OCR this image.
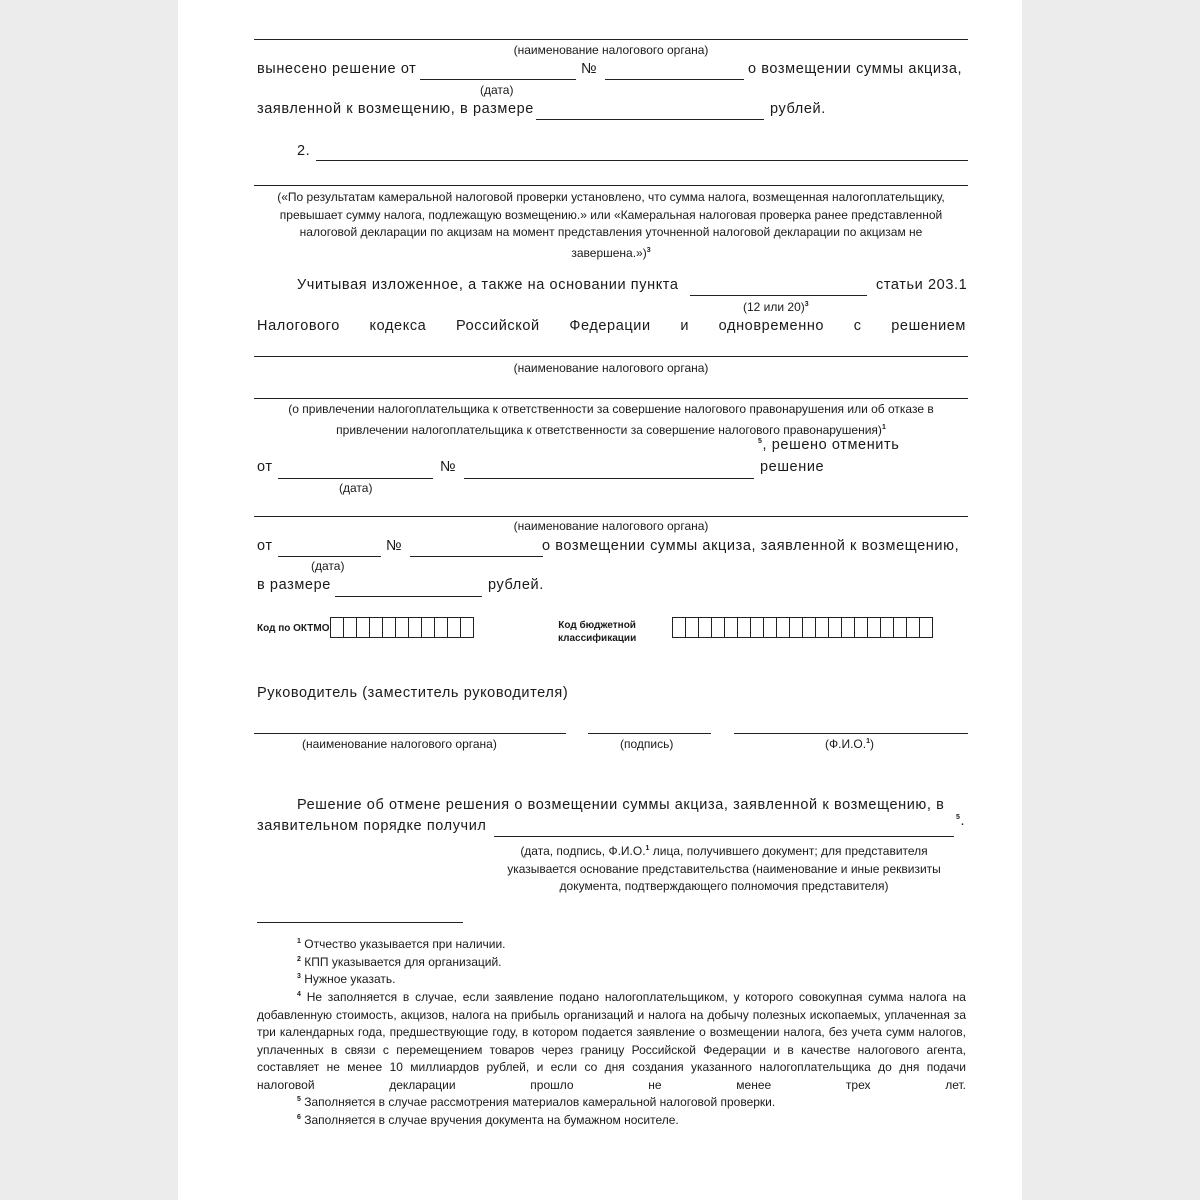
(наименование налогового органа)
вынесено решение от	№	о возмещении суммы акциза,
(дата)
заявленной к возмещению, в размере	рублей.
2.
(«По результатам камеральной налоговой проверки установлено, что сумма налога, возмещенная налогоплательщику, превышает сумму налога, подлежащую возмещению.» или «Камеральная налоговая проверка ранее представленной налоговой декларации по акцизам на момент представления уточненной налоговой декларации по акцизам не завершена.»)$^3$
Учитывая изложенное, а также на основании пункта	статьи 203.1
(12 или 20)$^3$
Налогового кодекса Российской Федерации и одновременно с решением
(наименование налогового органа)
(о привлечении налогоплательщика к ответственности за совершение налогового правонарушения или об отказе в привлечении налогоплательщика к ответственности за совершение налогового правонарушения)$^1$
$^5$, решено отменить
от	№	решение
(дата)
(наименование налогового органа)
от	№	о возмещении суммы акциза, заявленной к возмещению,
(дата)
в размере	рублей.
Код по ОКТМО	Код бюджетной
классификации
Руководитель (заместитель руководителя)
(наименование налогового органа)	(подпись)	(Ф.И.О.$^1$)
Решение об отмене решения о возмещении суммы акциза, заявленной к возмещению, в
заявительном порядке получил
$^5$.
(дата, подпись, Ф.И.О.$^1$ лица, получившего документ; для представителя указывается основание представительства (наименование и иные реквизиты документа, подтверждающего полномочия представителя)
$^1$ Отчество указывается при наличии.
$^2$ КПП указывается для организаций.
$^3$ Нужное указать.
$^4$ Не заполняется в случае, если заявление подано налогоплательщиком, у которого совокупная сумма налога на добавленную стоимость, акцизов, налога на прибыль организаций и налога на добычу полезных ископаемых, уплаченная за три календарных года, предшествующие году, в котором подается заявление о возмещении налога, без учета сумм налогов, уплаченных в связи с перемещением товаров через границу Российской Федерации и в качестве налогового агента, составляет не менее 10 миллиардов рублей, и если со дня создания указанного налогоплательщика до дня подачи налоговой декларации прошло не менее трех лет.
$^5$ Заполняется в случае рассмотрения материалов камеральной налоговой проверки.
$^6$ Заполняется в случае вручения документа на бумажном носителе.
